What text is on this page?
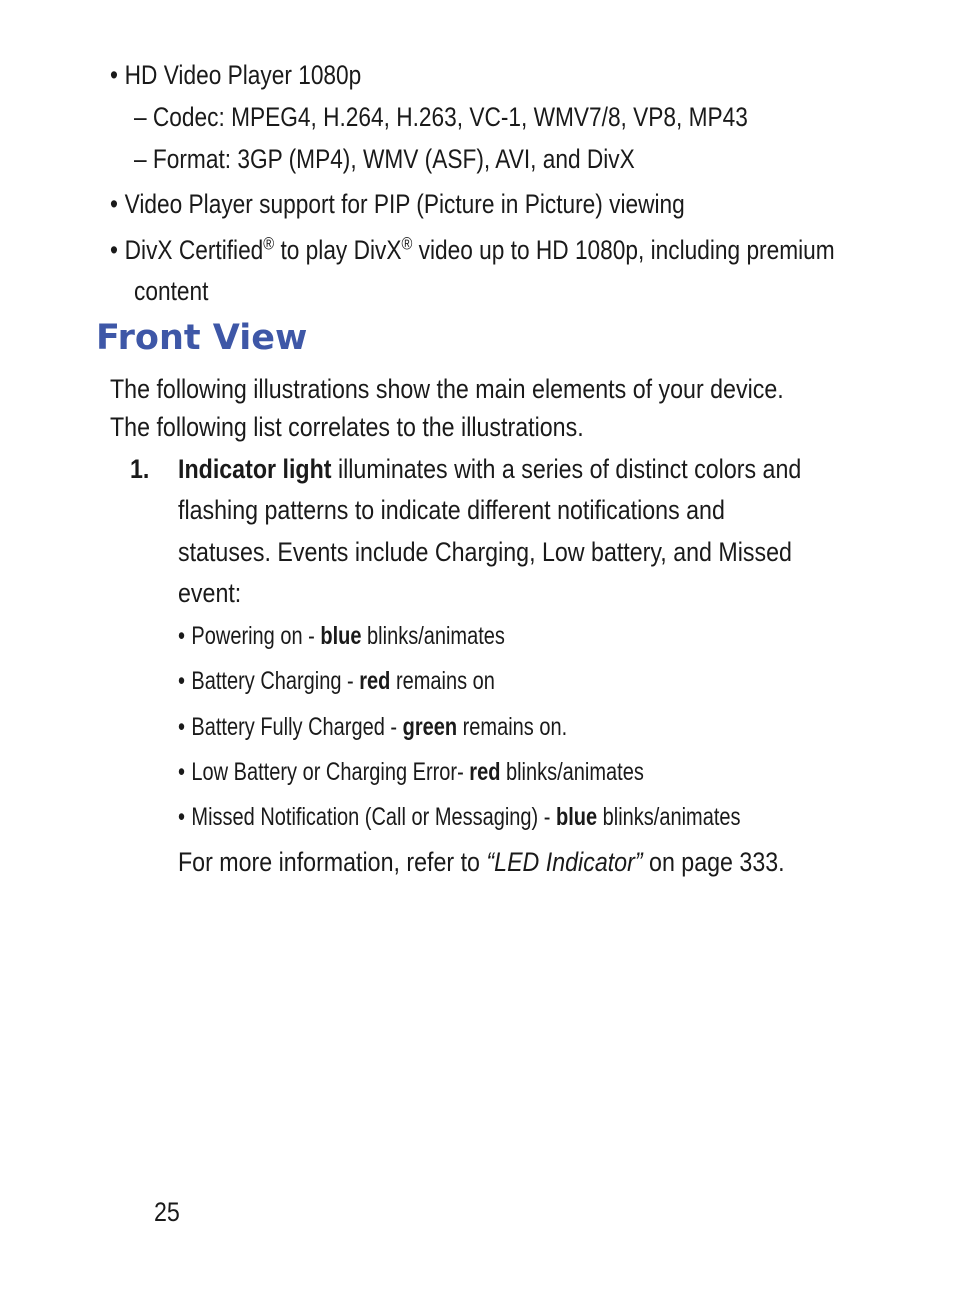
• HD Video Player 1080p
– Codec: MPEG4, H.264, H.263, VC-1, WMV7/8, VP8, MP43
– Format: 3GP (MP4), WMV (ASF), AVI, and DivX
• Video Player support for PIP (Picture in Picture) viewing
• DivX Certified® to play DivX® video up to HD 1080p, including premium
content
Front View
The following illustrations show the main elements of your device.
The following list correlates to the illustrations.
1. Indicator light illuminates with a series of distinct colors and
flashing patterns to indicate different notifications and
statuses. Events include Charging, Low battery, and Missed
event:
• Powering on - blue blinks/animates
• Battery Charging - red remains on
• Battery Fully Charged - green remains on.
• Low Battery or Charging Error- red blinks/animates
• Missed Notification (Call or Messaging) - blue blinks/animates
For more information, refer to “LED Indicator” on page 333.
25
